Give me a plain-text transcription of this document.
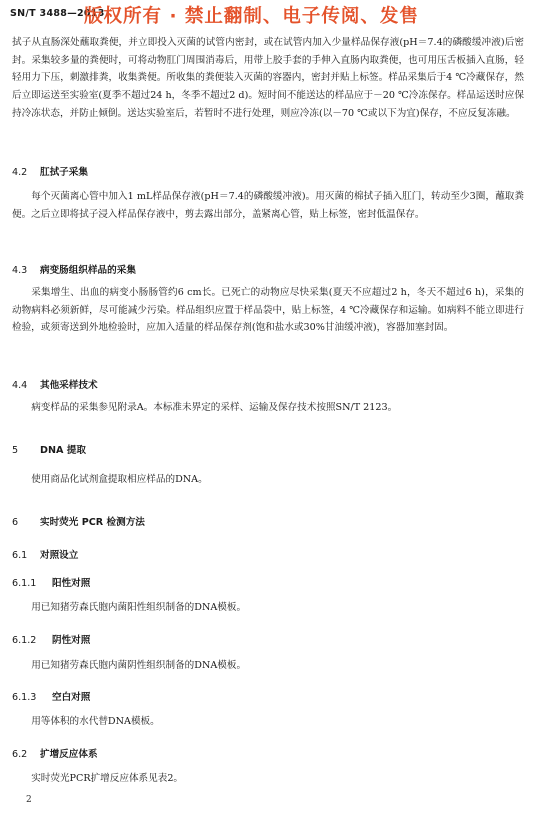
SN/T 3488—2013
版权所有 · 禁止翻制、电子传阅、发售

拭子从直肠深处蘸取粪便，并立即投入灭菌的试管内密封，或在试管内加入少量样品保存液(pH＝7.4的磷酸缓冲液)后密封。采集较多量的粪便时，可将动物肛门周围消毒后，用带上胶手套的手伸入直肠内取粪便，也可用压舌板插入直肠，轻轻用力下压，刺激排粪，收集粪便。所收集的粪便装入灭菌的容器内，密封并贴上标签。样品采集后于4 ℃冷藏保存，然后立即运送至实验室(夏季不超过24 h，冬季不超过2 d)。短时间不能送达的样品应于－20 ℃冷冻保存。样品运送时应保持冷冻状态，并防止倾倒。送达实验室后，若暂时不进行处理，则应冷冻(以－70 ℃或以下为宜)保存，不应反复冻融。

4.2 肛拭子采集

每个灭菌离心管中加入1 mL样品保存液(pH＝7.4的磷酸缓冲液)。用灭菌的棉拭子插入肛门，转动至少3圈，蘸取粪便。之后立即将拭子浸入样品保存液中，剪去露出部分，盖紧离心管，贴上标签，密封低温保存。

4.3 病变肠组织样品的采集

采集增生、出血的病变小肠肠管约6 cm长。已死亡的动物应尽快采集(夏天不应超过2 h，冬天不超过6 h)，采集的动物病料必须新鲜，尽可能减少污染。样品组织应置于样品袋中，贴上标签，4 ℃冷藏保存和运输。如病料不能立即进行检验，或须寄送到外地检验时，应加入适量的样品保存剂(饱和盐水或30%甘油缓冲液)，容器加塞封固。

4.4 其他采样技术

病变样品的采集参见附录A。本标准未界定的采样、运输及保存技术按照SN/T 2123。

5 DNA 提取

使用商品化试剂盒提取相应样品的DNA。

6 实时荧光 PCR 检测方法
6.1 对照设立
6.1.1 阳性对照

用已知猪劳森氏胞内菌阳性组织制备的DNA模板。

6.1.2 阴性对照

用已知猪劳森氏胞内菌阴性组织制备的DNA模板。

6.1.3 空白对照

用等体积的水代替DNA模板。

6.2 扩增反应体系

实时荧光PCR扩增反应体系见表2。

2
